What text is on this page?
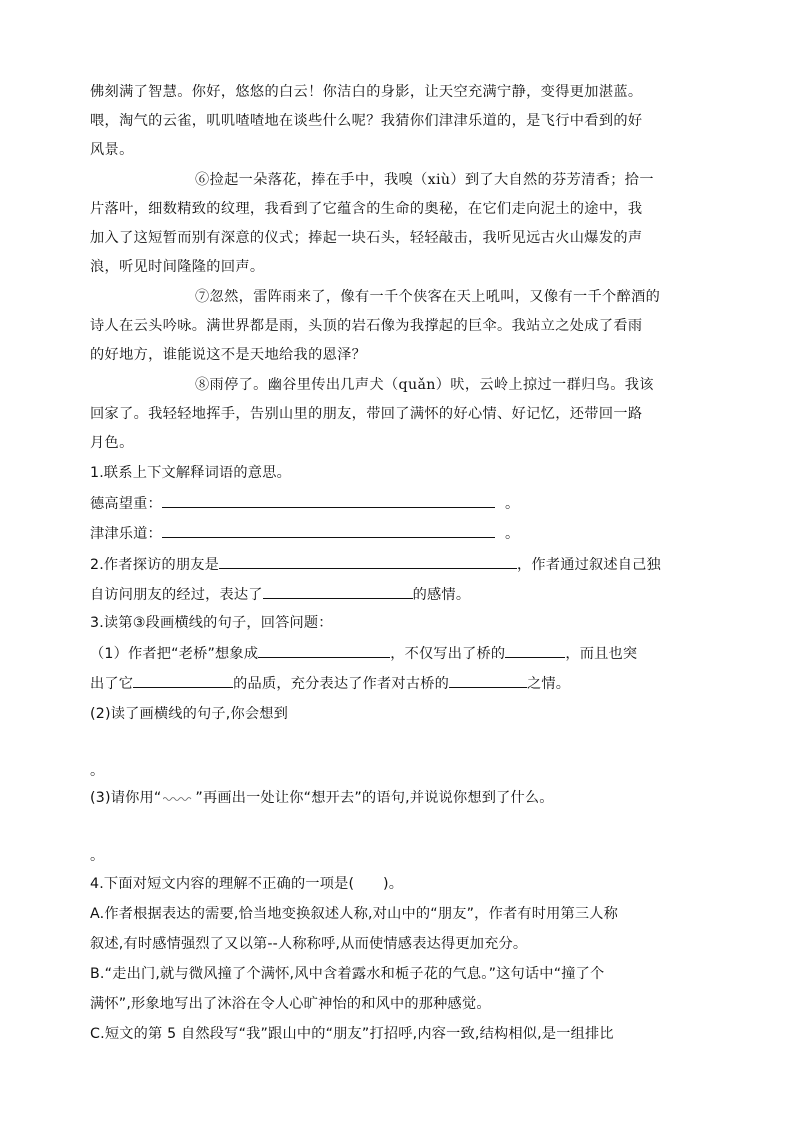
佛刻满了智慧。你好，悠悠的白云！你洁白的身影，让天空充满宁静，变得更加湛蓝。
喂，淘气的云雀，叽叽喳喳地在谈些什么呢？我猜你们津津乐道的，是飞行中看到的好
风景。
⑥捡起一朵落花，捧在手中，我嗅（xiù）到了大自然的芬芳清香；拾一
片落叶，细数精致的纹理，我看到了它蕴含的生命的奥秘，在它们走向泥土的途中，我
加入了这短暂而别有深意的仪式；捧起一块石头，轻轻敲击，我听见远古火山爆发的声
浪，听见时间隆隆的回声。
⑦忽然，雷阵雨来了，像有一千个侠客在天上吼叫，又像有一千个醉酒的
诗人在云头吟咏。满世界都是雨，头顶的岩石像为我撑起的巨伞。我站立之处成了看雨
的好地方，谁能说这不是天地给我的恩泽？
⑧雨停了。幽谷里传出几声犬（quǎn）吠，云岭上掠过一群归鸟。我该
回家了。我轻轻地挥手，告别山里的朋友，带回了满怀的好心情、好记忆，还带回一路
月色。
1.联系上下文解释词语的意思。
德高望重：	。
津津乐道：	。
2.作者探访的朋友是	，作者通过叙述自己独
自访问朋友的经过，表达了	的感情。
3.读第③段画横线的句子，回答问题：
（1）作者把“老桥”想象成	，不仅写出了桥的	，而且也突
出了它	的品质，充分表达了作者对古桥的	之情。
(2)读了画横线的句子,你会想到
。
(3)请你用“ ”再画出一处让你“想开去”的语句,并说说你想到了什么。
。
4.下面对短文内容的理解不正确的一项是(　　)。
A.作者根据表达的需要,恰当地变换叙述人称,对山中的“朋友”，作者有时用第三人称
叙述,有时感情强烈了又以第--人称称呼,从而使情感表达得更加充分。
B.“走出门,就与微风撞了个满怀,风中含着露水和栀子花的气息。”这句话中“撞了个
满怀”,形象地写出了沐浴在令人心旷神怡的和风中的那种感觉。
C.短文的第 5 自然段写“我”跟山中的“朋友”打招呼,内容一致,结构相似,是一组排比
